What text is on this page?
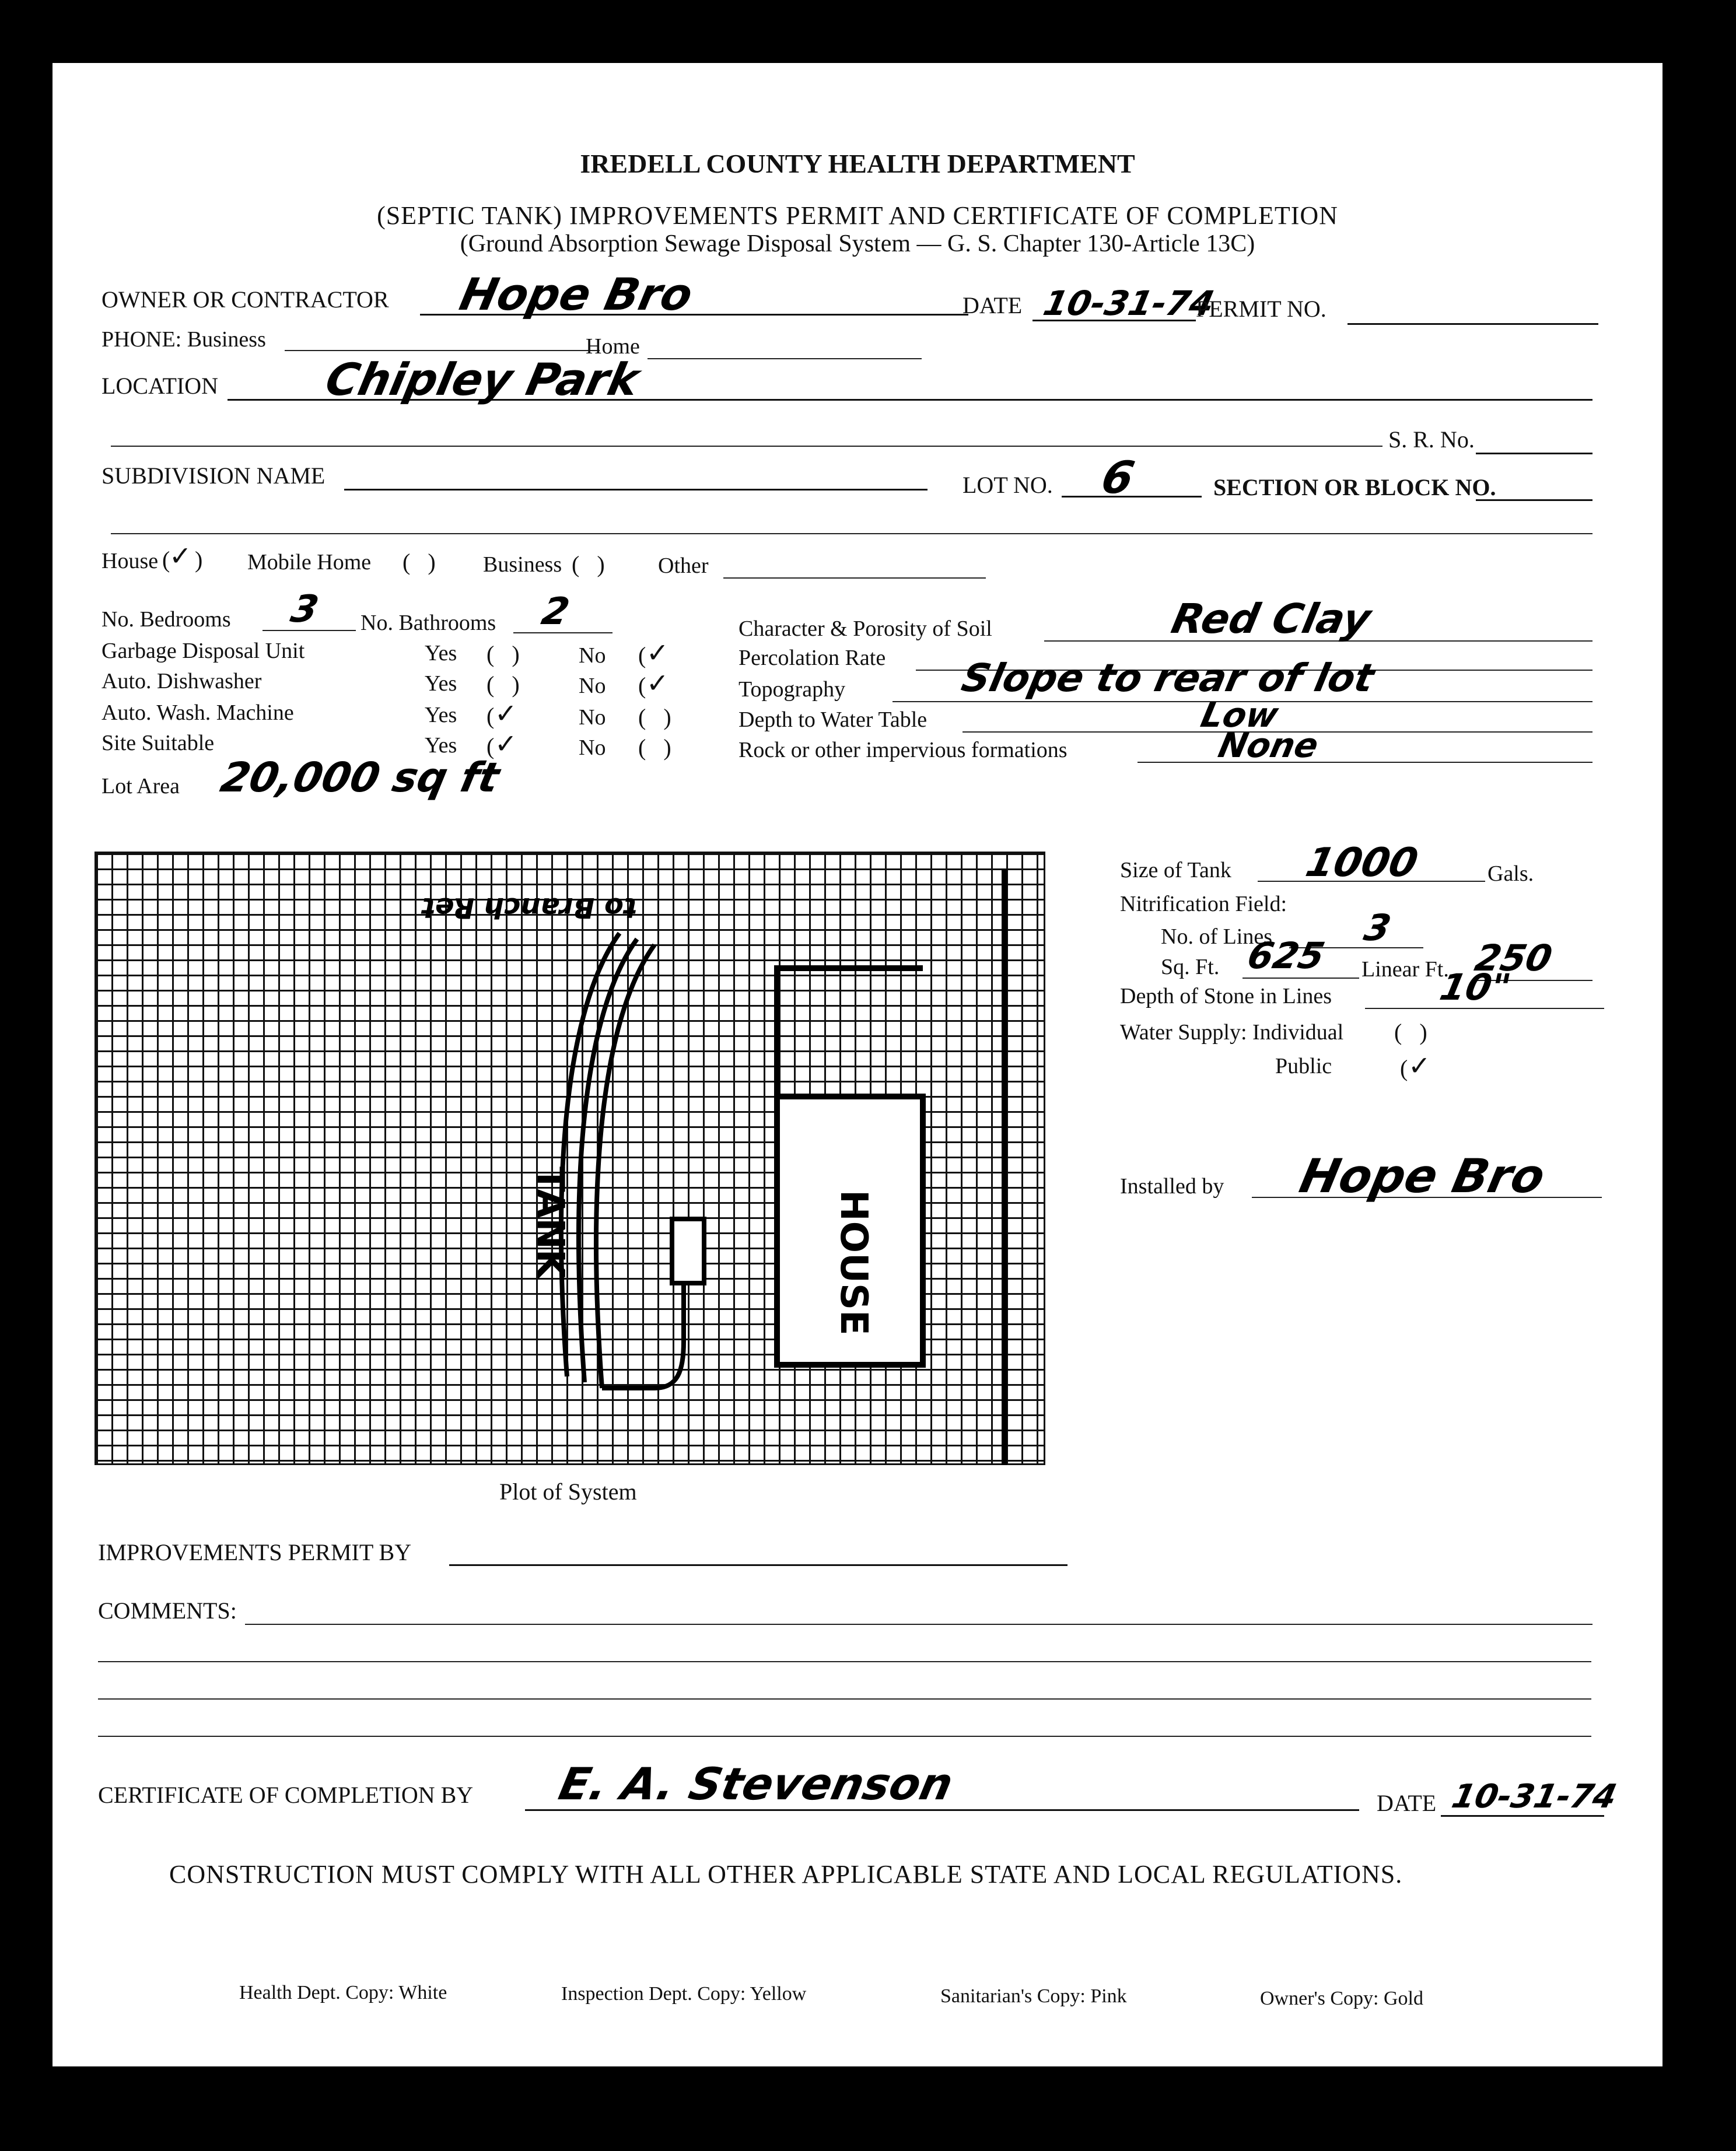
IREDELL COUNTY HEALTH DEPARTMENT
(SEPTIC TANK) IMPROVEMENTS PERMIT AND CERTIFICATE OF COMPLETION
(Ground Absorption Sewage Disposal System — G. S. Chapter 130-Article 13C)
OWNER OR CONTRACTOR Hope Bro	DATE 10-31-74
PERMIT NO.
PHONE: Business	Home
LOCATION Chipley Park
S. R. No.
SUBDIVISION NAME	LOT NO. 6	SECTION OR BLOCK NO.
House (
✓ ) Mobile Home (   ) Business (   ) Other
No. Bedrooms 3 No. Bathrooms 2
Garbage Disposal Unit	Yes (   )	No ( ✓
Auto. Dishwasher	Yes (   )	No ( ✓
Auto. Wash. Machine	Yes ( ✓	No (   )
Site Suitable	Yes ( ✓	No (   )
Character & Porosity of Soil	Red Clay
Percolation Rate
Topography	Slope to rear of lot
Depth to Water Table	Low
Rock or other impervious formations	None
Lot Area 20,000 sq ft
TANK	HOUSE
to Branch Ret
Plot of System
Size of Tank 1000	Gals.
Nitrification Field:
No. of Lines 3
Sq. Ft. 625 Linear Ft. 250
Depth of Stone in Lines	10"
Water Supply: Individual (   )
Public	( ✓
Installed by Hope Bro
IMPROVEMENTS PERMIT BY
COMMENTS:
CERTIFICATE OF COMPLETION BY E. A. Stevenson	DATE 10-31-74
CONSTRUCTION MUST COMPLY WITH ALL OTHER APPLICABLE STATE AND LOCAL REGULATIONS.
Health Dept. Copy: White	Inspection Dept. Copy: Yellow	Sanitarian's Copy: Pink	Owner's Copy: Gold
